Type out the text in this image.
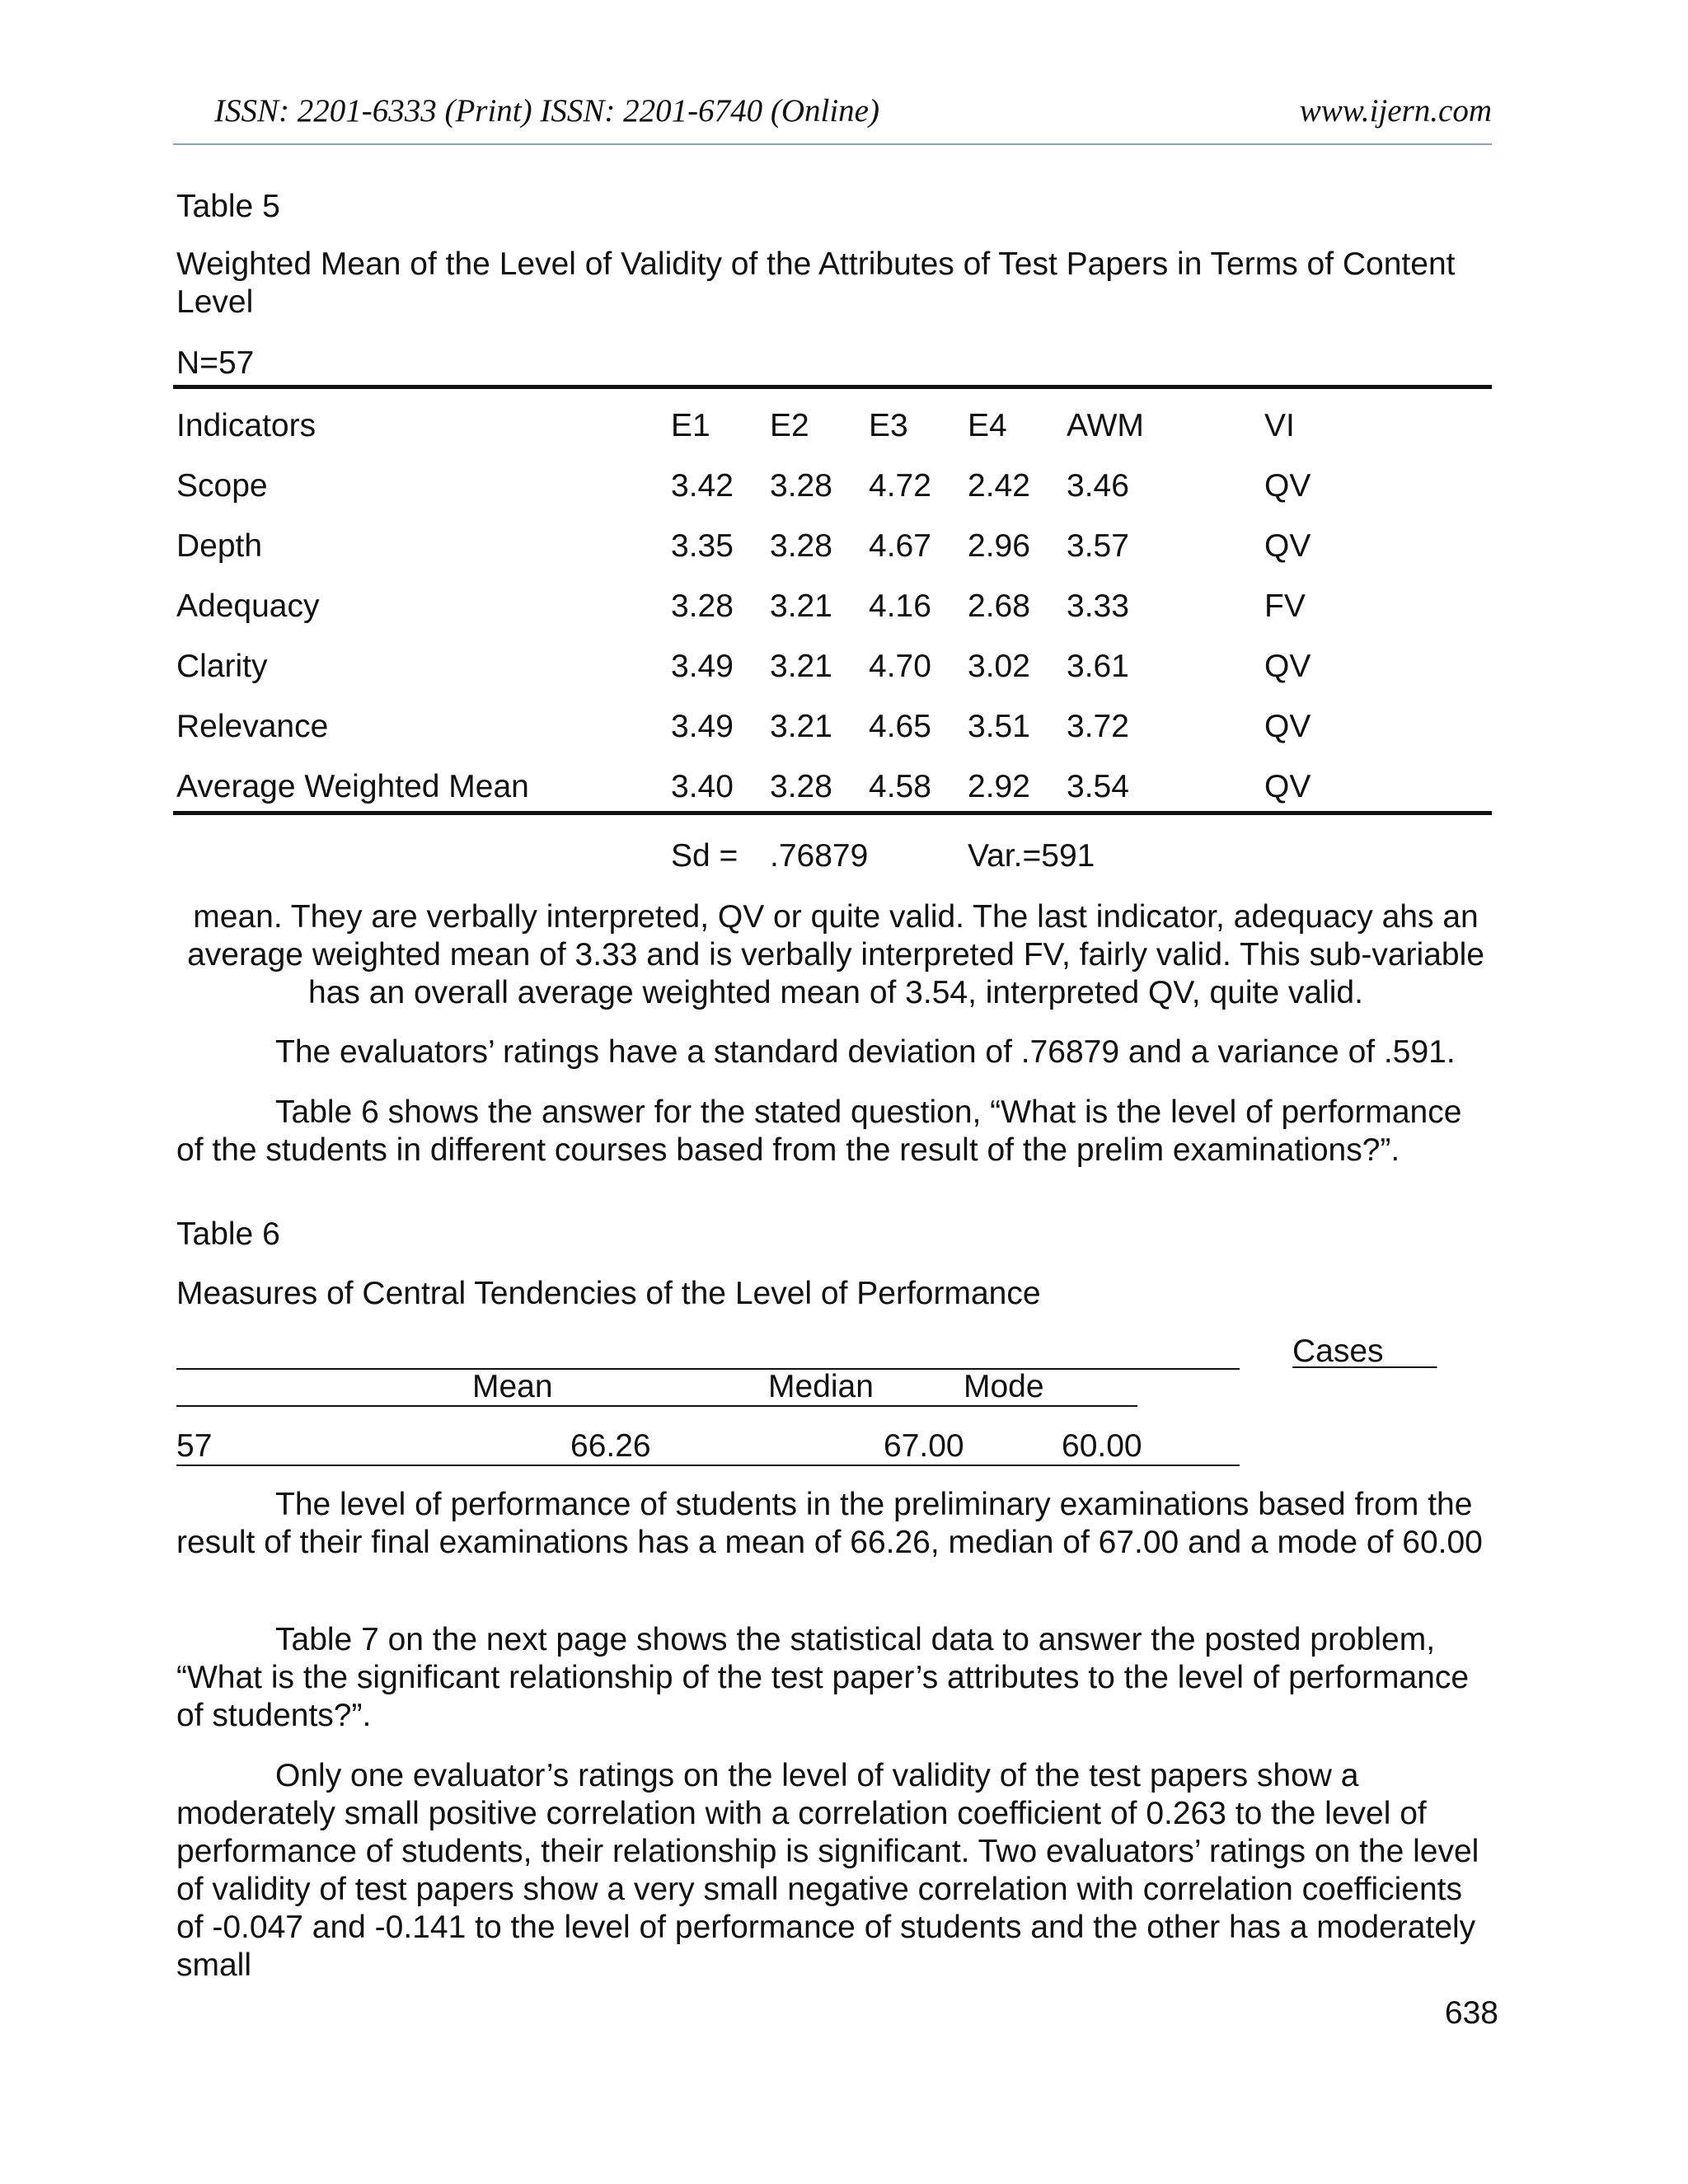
ISSN: 2201-6333 (Print) ISSN: 2201-6740 (Online)	www.ijern.com
Table 5
Weighted Mean of the Level of Validity of the Attributes of Test Papers in Terms of Content Level
N=57
Indicators	E1 E2 E3 E4 AWM	VI
Scope	3.42 3.28 4.72 2.42 3.46	QV
Depth	3.35 3.28 4.67 2.96 3.57	QV
Adequacy	3.28 3.21 4.16 2.68 3.33	FV
Clarity	3.49 3.21 4.70 3.02 3.61	QV
Relevance	3.49 3.21 4.65 3.51 3.72	QV
Average Weighted Mean	3.40 3.28 4.58 2.92 3.54	QV
Sd = .76879	Var.=591
mean. They are verbally interpreted, QV or quite valid. The last indicator, adequacy ahs an average weighted mean of 3.33 and is verbally interpreted FV, fairly valid. This sub-variable has an overall average weighted mean of 3.54, interpreted QV, quite valid.
The evaluators’ ratings have a standard deviation of .76879 and a variance of .591.
Table 6 shows the answer for the stated question, “What is the level of performance of the students in different courses based from the result of the prelim examinations?”.
Table 6
Measures of Central Tendencies of the Level of Performance
Cases
Mean	Median	Mode
57	66.26	67.00	60.00
The level of performance of students in the preliminary examinations based from the result of their final examinations has a mean of 66.26, median of 67.00 and a mode of 60.00
Table 7 on the next page shows the statistical data to answer the posted problem, “What is the significant relationship of the test paper’s attributes to the level of performance of students?”.
Only one evaluator’s ratings on the level of validity of the test papers show a moderately small positive correlation with a correlation coefficient of 0.263 to the level of performance of students, their relationship is significant. Two evaluators’ ratings on the level of validity of test papers show a very small negative correlation with correlation coefficients of -0.047 and -0.141 to the level of performance of students and the other has a moderately small
638
